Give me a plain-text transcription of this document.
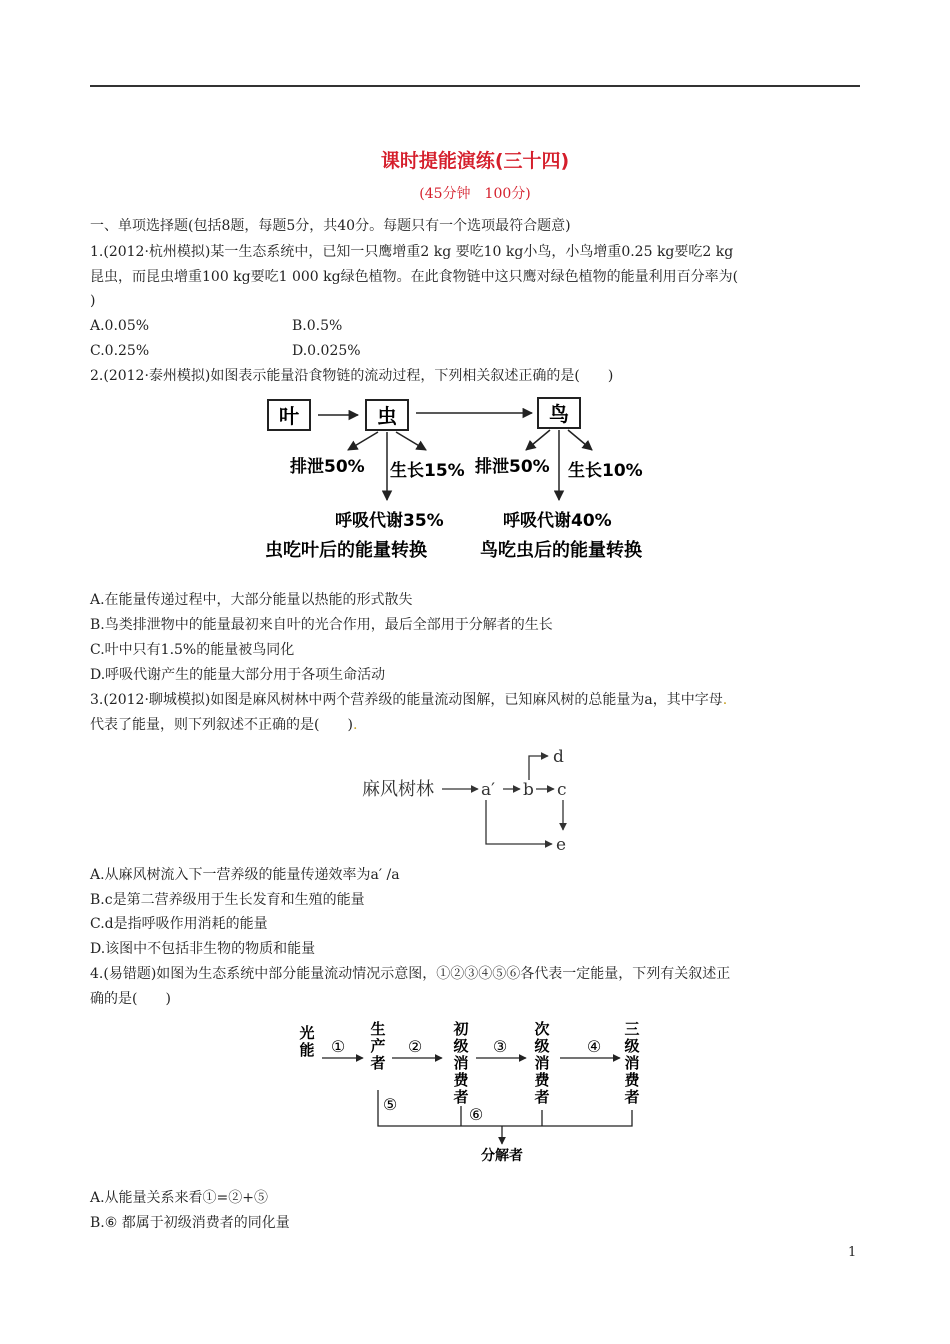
课时提能演练(三十四)
(45分钟　100分)
一、单项选择题(包括8题，每题5分，共40分。每题只有一个选项最符合题意)
1.(2012·杭州模拟)某一生态系统中，已知一只鹰增重2 kg 要吃10 kg小鸟，小鸟增重0.25 kg要吃2 kg
昆虫，而昆虫增重100 kg要吃1 000 kg绿色植物。在此食物链中这只鹰对绿色植物的能量利用百分率为(
)
A.0.05%	B.0.5%
C.0.25%	D.0.025%
2.(2012·泰州模拟)如图表示能量沿食物链的流动过程，下列相关叙述正确的是(　　)
叶	虫	鸟
排泄50% 生长15% 排泄50% 生长10%
呼吸代谢35%	呼吸代谢40%
虫吃叶后的能量转换	鸟吃虫后的能量转换
A.在能量传递过程中，大部分能量以热能的形式散失
B.鸟类排泄物中的能量最初来自叶的光合作用，最后全部用于分解者的生长
C.叶中只有1.5%的能量被鸟同化
D.呼吸代谢产生的能量大部分用于各项生命活动
3.(2012·聊城模拟)如图是麻风树林中两个营养级的能量流动图解，已知麻风树的总能量为a，其中字母.
代表了能量，则下列叙述不正确的是(　　).
麻风树林	a′ b c
d
e
A.从麻风树流入下一营养级的能量传递效率为a′ /a
B.c是第二营养级用于生长发育和生殖的能量
C.d是指呼吸作用消耗的能量
D.该图中不包括非生物的物质和能量
4.(易错题)如图为生态系统中部分能量流动情况示意图，①②③④⑤⑥各代表一定能量，下列有关叙述正
确的是(　　)
光
能
生
产
者
初
级
消
费
者
次
级
消
费
者
三
级
消
费
者
①	②	③	④
⑤
⑥
分解者
A.从能量关系来看①=②+⑤
B.⑥ 都属于初级消费者的同化量
1
